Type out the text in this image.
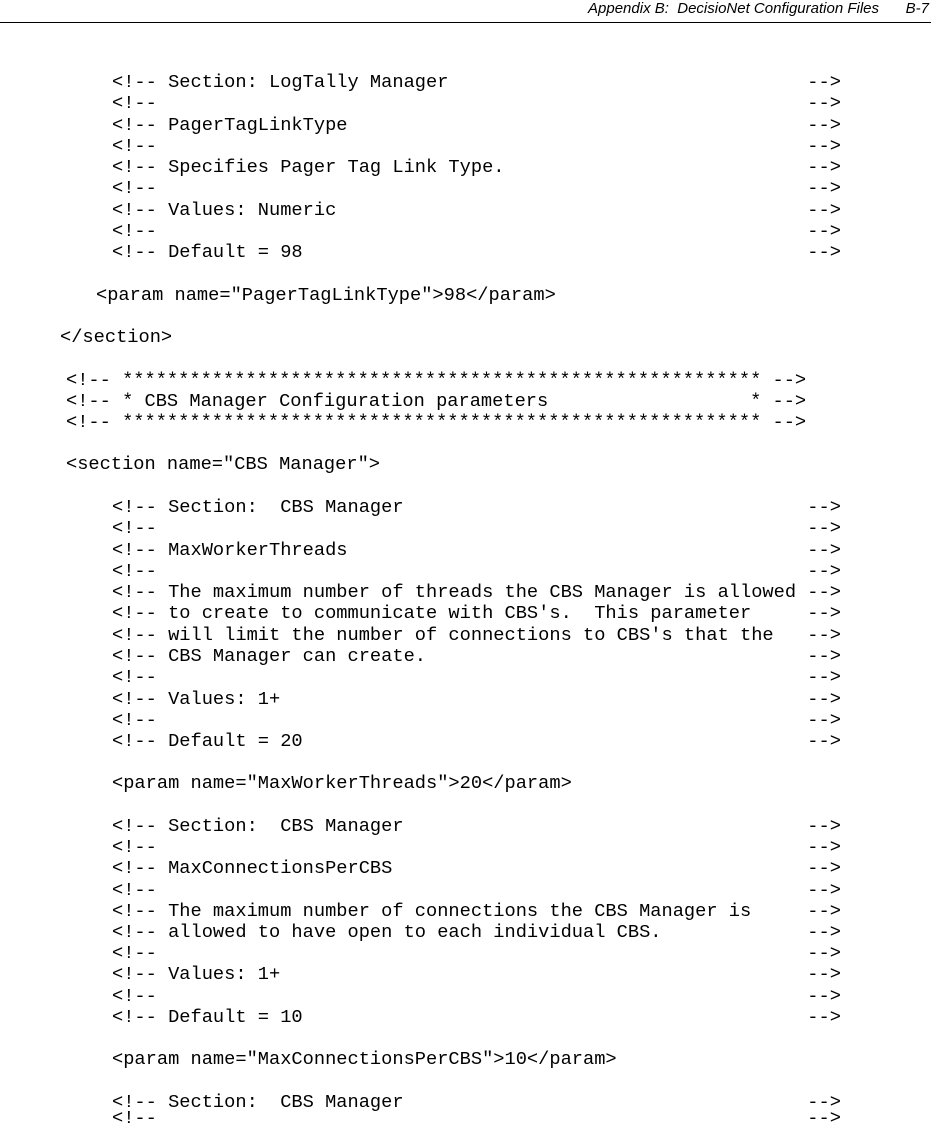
Appendix B:  DecisioNet Configuration Files B-7
<!-- Section: LogTally Manager                                -->
<!--                                                          -->
<!-- PagerTagLinkType                                         -->
<!--                                                          -->
<!-- Specifies Pager Tag Link Type.                           -->
<!--                                                          -->
<!-- Values: Numeric                                          -->
<!--                                                          -->
<!-- Default = 98                                             -->
<param name="PagerTagLinkType">98</param>
</section>
<!-- ********************************************************* -->
<!-- * CBS Manager Configuration parameters                  * -->
<!-- ********************************************************* -->
<section name="CBS Manager">
<!-- Section:  CBS Manager                                    -->
<!--                                                          -->
<!-- MaxWorkerThreads                                         -->
<!--                                                          -->
<!-- The maximum number of threads the CBS Manager is allowed -->
<!-- to create to communicate with CBS's.  This parameter     -->
<!-- will limit the number of connections to CBS's that the   -->
<!-- CBS Manager can create.                                  -->
<!--                                                          -->
<!-- Values: 1+                                               -->
<!--                                                          -->
<!-- Default = 20                                             -->
<param name="MaxWorkerThreads">20</param>
<!-- Section:  CBS Manager                                    -->
<!--                                                          -->
<!-- MaxConnectionsPerCBS                                     -->
<!--                                                          -->
<!-- The maximum number of connections the CBS Manager is     -->
<!-- allowed to have open to each individual CBS.             -->
<!--                                                          -->
<!-- Values: 1+                                               -->
<!--                                                          -->
<!-- Default = 10                                             -->
<param name="MaxConnectionsPerCBS">10</param>
<!-- Section:  CBS Manager                                    -->
<!--                                                          -->
